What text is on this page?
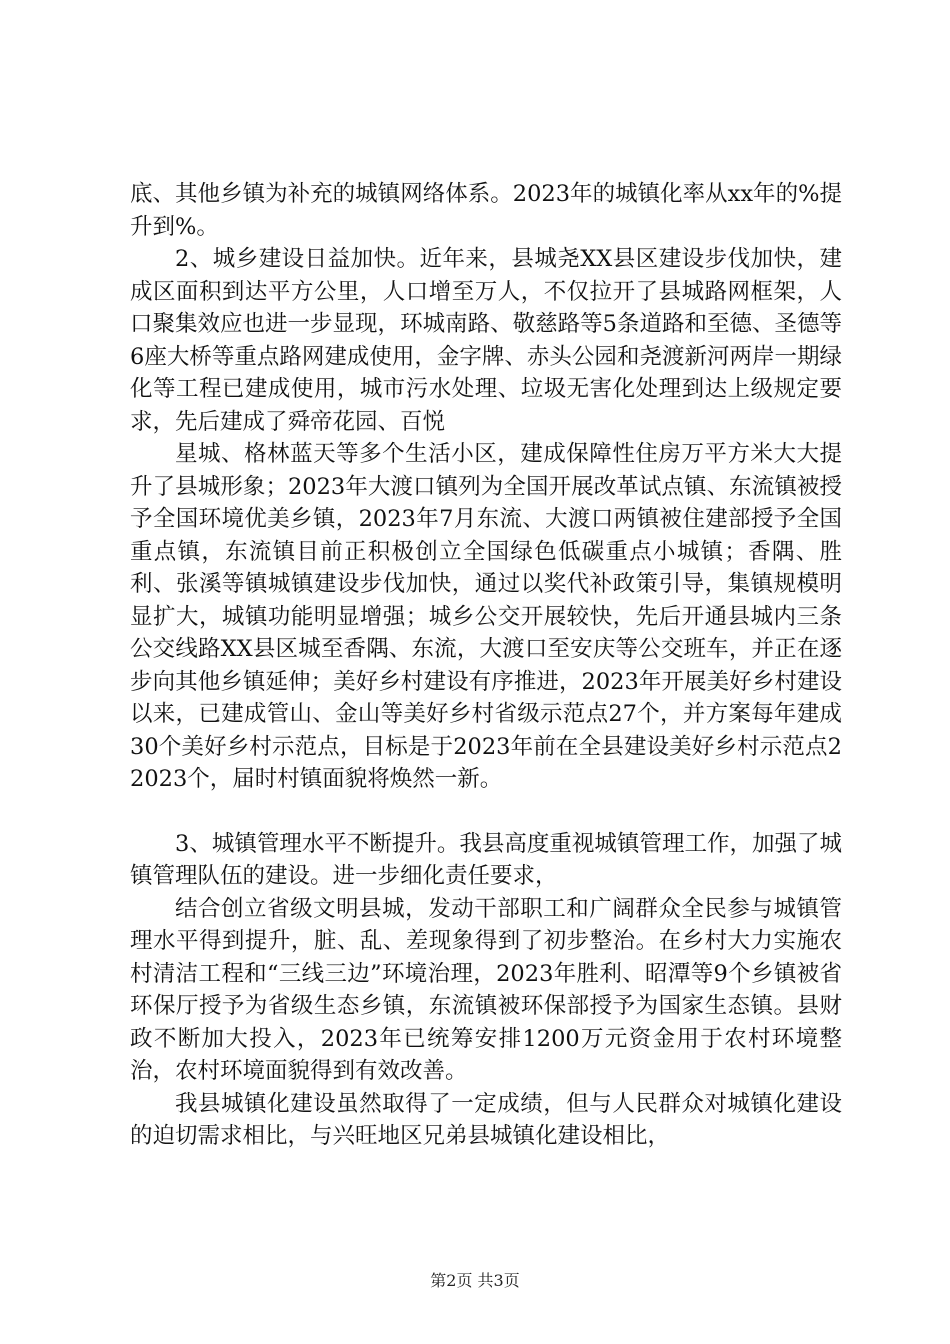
底、其他乡镇为补充的城镇网络体系。2023年的城镇化率从xx年的%提升到%。

2、城乡建设日益加快。近年来，县城尧XX县区建设步伐加快，建成区面积到达平方公里，人口增至万人，不仅拉开了县城路网框架，人口聚集效应也进一步显现，环城南路、敬慈路等5条道路和至德、圣德等6座大桥等重点路网建成使用，金字牌、赤头公园和尧渡新河两岸一期绿化等工程已建成使用，城市污水处理、垃圾无害化处理到达上级规定要求，先后建成了舜帝花园、百悦

星城、格林蓝天等多个生活小区，建成保障性住房万平方米大大提升了县城形象；2023年大渡口镇列为全国开展改革试点镇、东流镇被授予全国环境优美乡镇，2023年7月东流、大渡口两镇被住建部授予全国重点镇，东流镇目前正积极创立全国绿色低碳重点小城镇；香隅、胜利、张溪等镇城镇建设步伐加快，通过以奖代补政策引导，集镇规模明显扩大，城镇功能明显增强；城乡公交开展较快，先后开通县城内三条公交线路XX县区城至香隅、东流，大渡口至安庆等公交班车，并正在逐步向其他乡镇延伸；美好乡村建设有序推进，2023年开展美好乡村建设以来，已建成管山、金山等美好乡村省级示范点27个，并方案每年建成30个美好乡村示范点，目标是于2023年前在全县建设美好乡村示范点22023个，届时村镇面貌将焕然一新。

3、城镇管理水平不断提升。我县高度重视城镇管理工作，加强了城镇管理队伍的建设。进一步细化责任要求，

结合创立省级文明县城，发动干部职工和广阔群众全民参与城镇管理水平得到提升，脏、乱、差现象得到了初步整治。在乡村大力实施农村清洁工程和“三线三边”环境治理，2023年胜利、昭潭等9个乡镇被省环保厅授予为省级生态乡镇，东流镇被环保部授予为国家生态镇。县财政不断加大投入，2023年已统筹安排1200万元资金用于农村环境整治，农村环境面貌得到有效改善。

我县城镇化建设虽然取得了一定成绩，但与人民群众对城镇化建设的迫切需求相比，与兴旺地区兄弟县城镇化建设相比，

第2页 共3页
